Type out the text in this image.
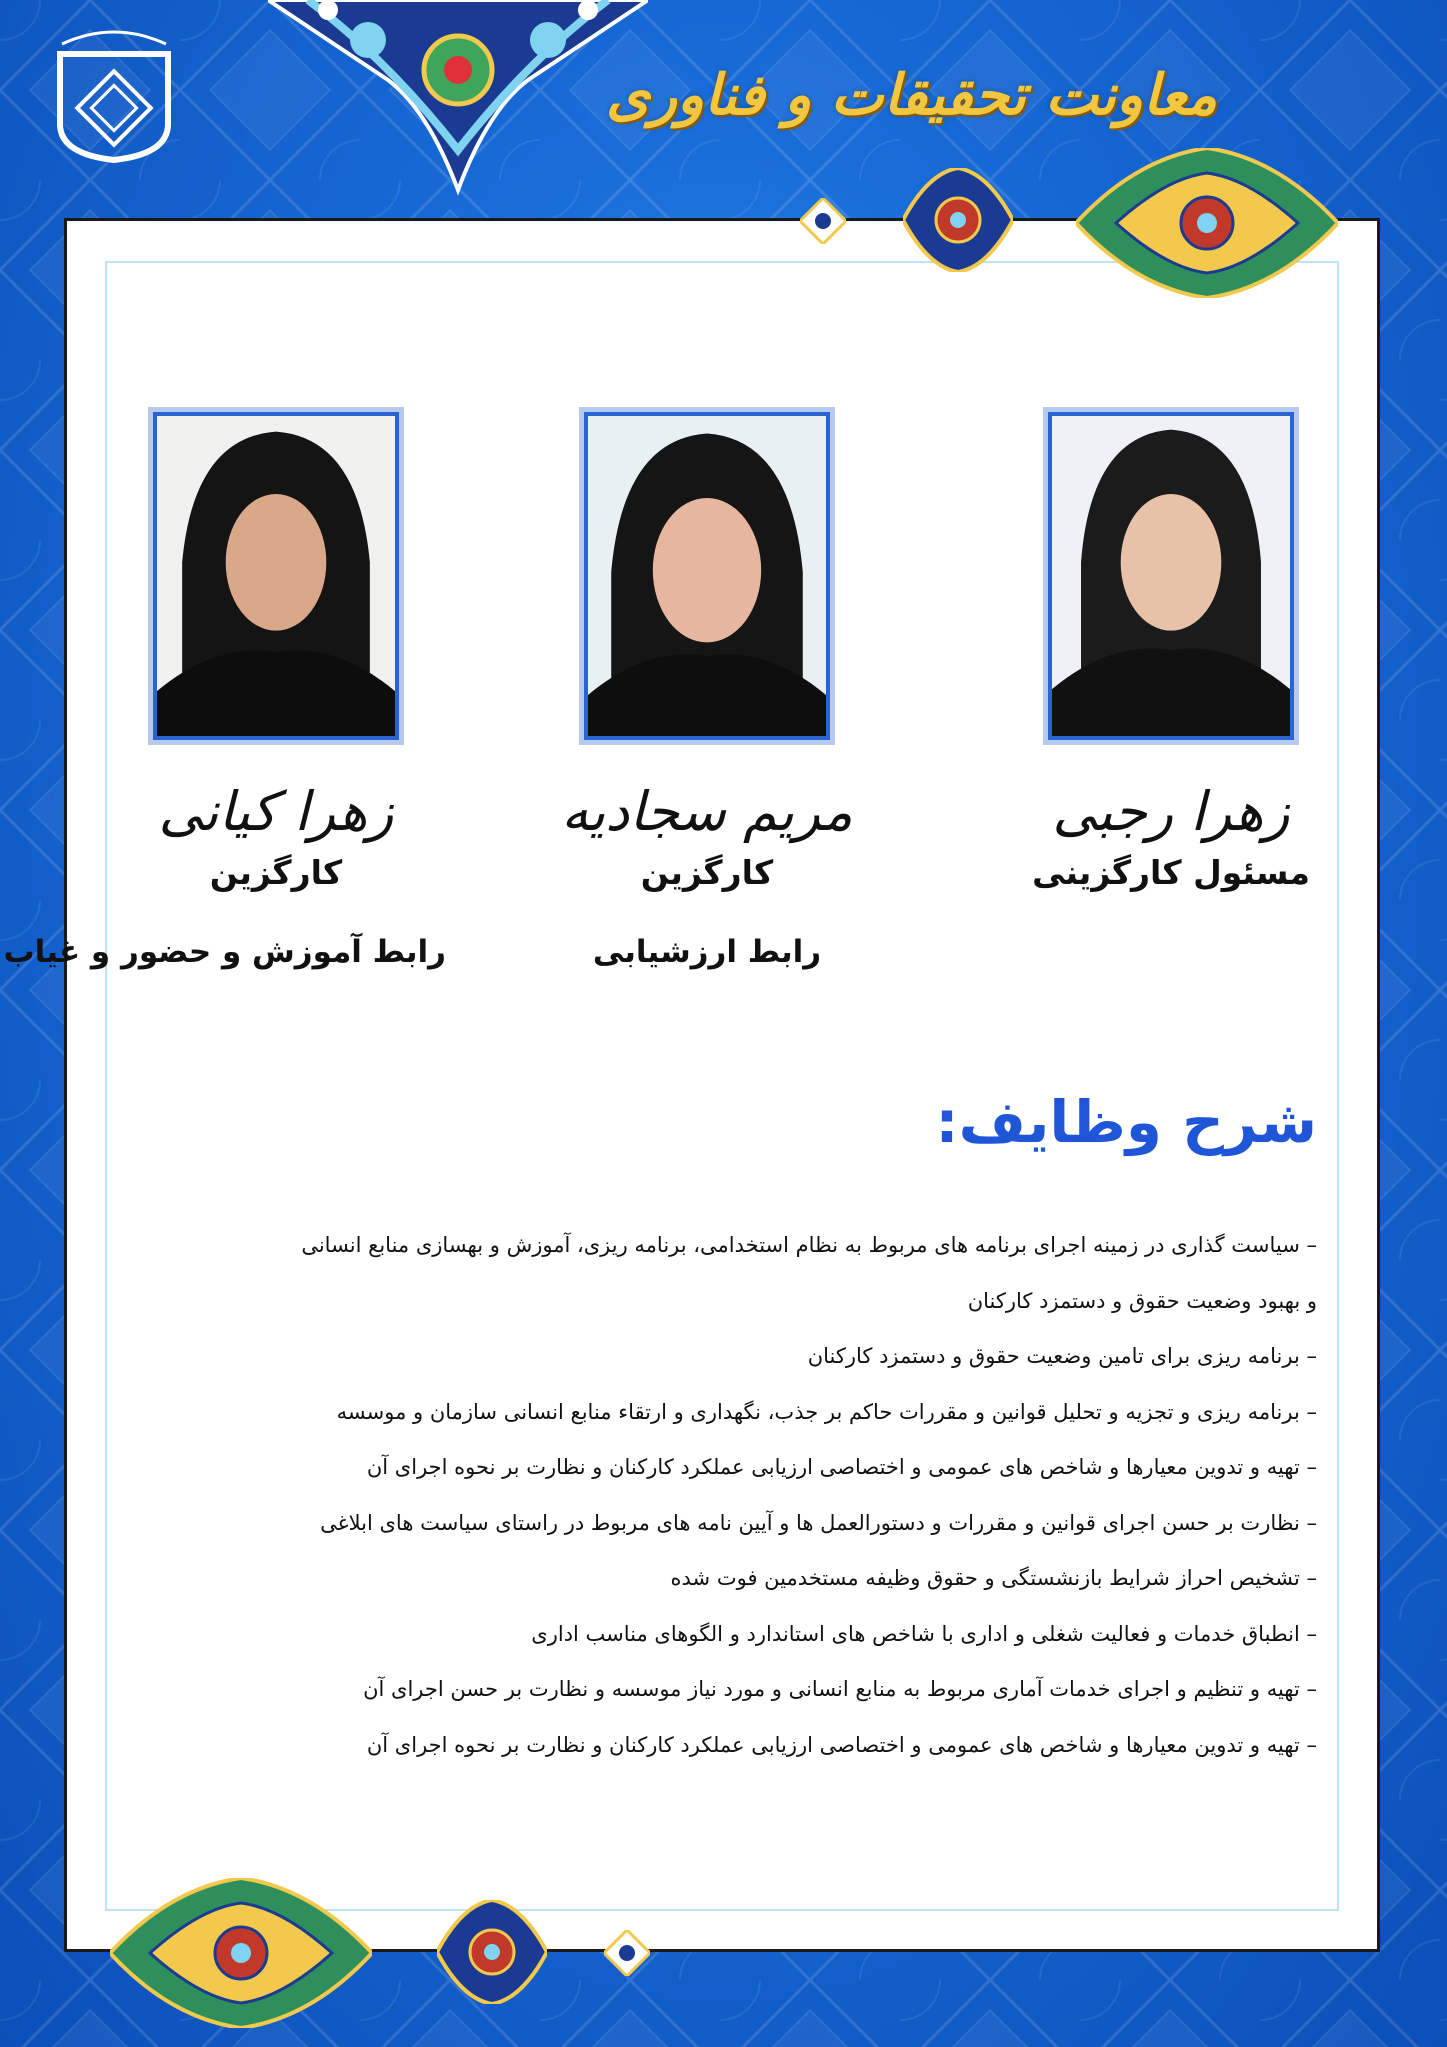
معاونت تحقیقات و فناوری
زهرا رجبی
مسئول کارگزینی
مریم سجادیه
کارگزین
رابط ارزشیابی
زهرا کیانی
کارگزین
رابط آموزش و حضور و غیاب
شرح وظایف:
– سیاست گذاری در زمینه اجرای برنامه های مربوط به نظام استخدامی، برنامه ریزی، آموزش و بهسازی منابع انسانی
و بهبود وضعیت حقوق و دستمزد کارکنان
– برنامه ریزی برای تامین وضعیت حقوق و دستمزد کارکنان
– برنامه ریزی و تجزیه و تحلیل قوانین و مقررات حاکم بر جذب، نگهداری و ارتقاء منابع انسانی سازمان و موسسه
– تهیه و تدوین معیارها و شاخص های عمومی و اختصاصی ارزیابی عملکرد کارکنان و نظارت بر نحوه اجرای آن
– نظارت بر حسن اجرای قوانین و مقررات و دستورالعمل ها و آیین نامه های مربوط در راستای سیاست های ابلاغی
– تشخیص احراز شرایط بازنشستگی و حقوق وظیفه مستخدمین فوت شده
– انطباق خدمات و فعالیت شغلی و اداری با شاخص های استاندارد و الگوهای مناسب اداری
– تهیه و تنظیم و اجرای خدمات آماری مربوط به منابع انسانی و مورد نیاز موسسه و نظارت بر حسن اجرای آن
– تهیه و تدوین معیارها و شاخص های عمومی و اختصاصی ارزیابی عملکرد کارکنان و نظارت بر نحوه اجرای آن
